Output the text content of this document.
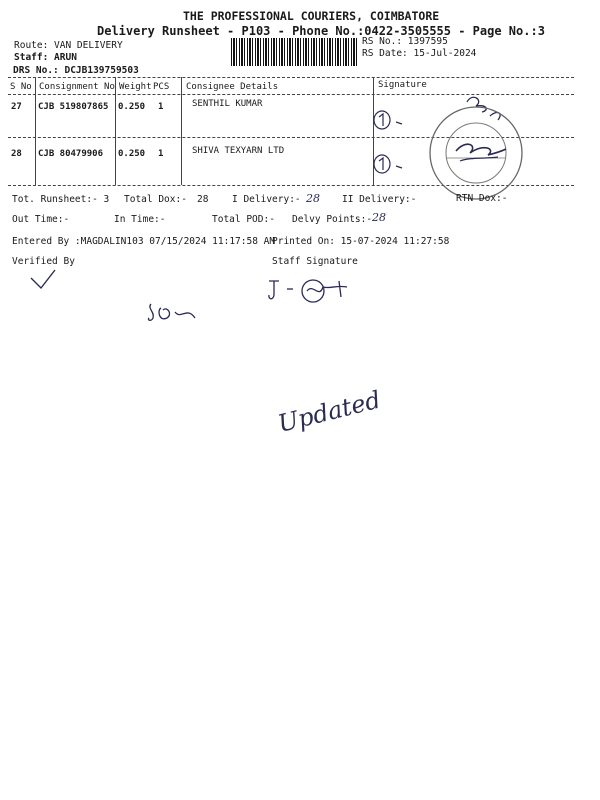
THE PROFESSIONAL COURIERS, COIMBATORE
Delivery Runsheet - P103 - Phone No.:0422-3505555 - Page No.:3
Route: VAN DELIVERY
Staff: ARUN
DRS No.: DCJB139759503
RS No.: 1397595
RS Date: 15-Jul-2024
S No Consignment No Weight PCS Consignee Details	Signature
27 CJB 519807865 0.250 1	SENTHIL KUMAR
28 CJB 80479906 0.250 1	SHIVA TEXYARN LTD
Tot. Runsheet:- 3 Total Dox:- 28 I Delivery:- 28 II Delivery:-	RTN Dox:-
Out Time:-	In Time:-	Total POD:- Delvy Points:- 28
Entered By :MAGDALIN103 07/15/2024 11:17:58 AM
Printed On: 15-07-2024 11:27:58
Verified By	Staff Signature
Updated
